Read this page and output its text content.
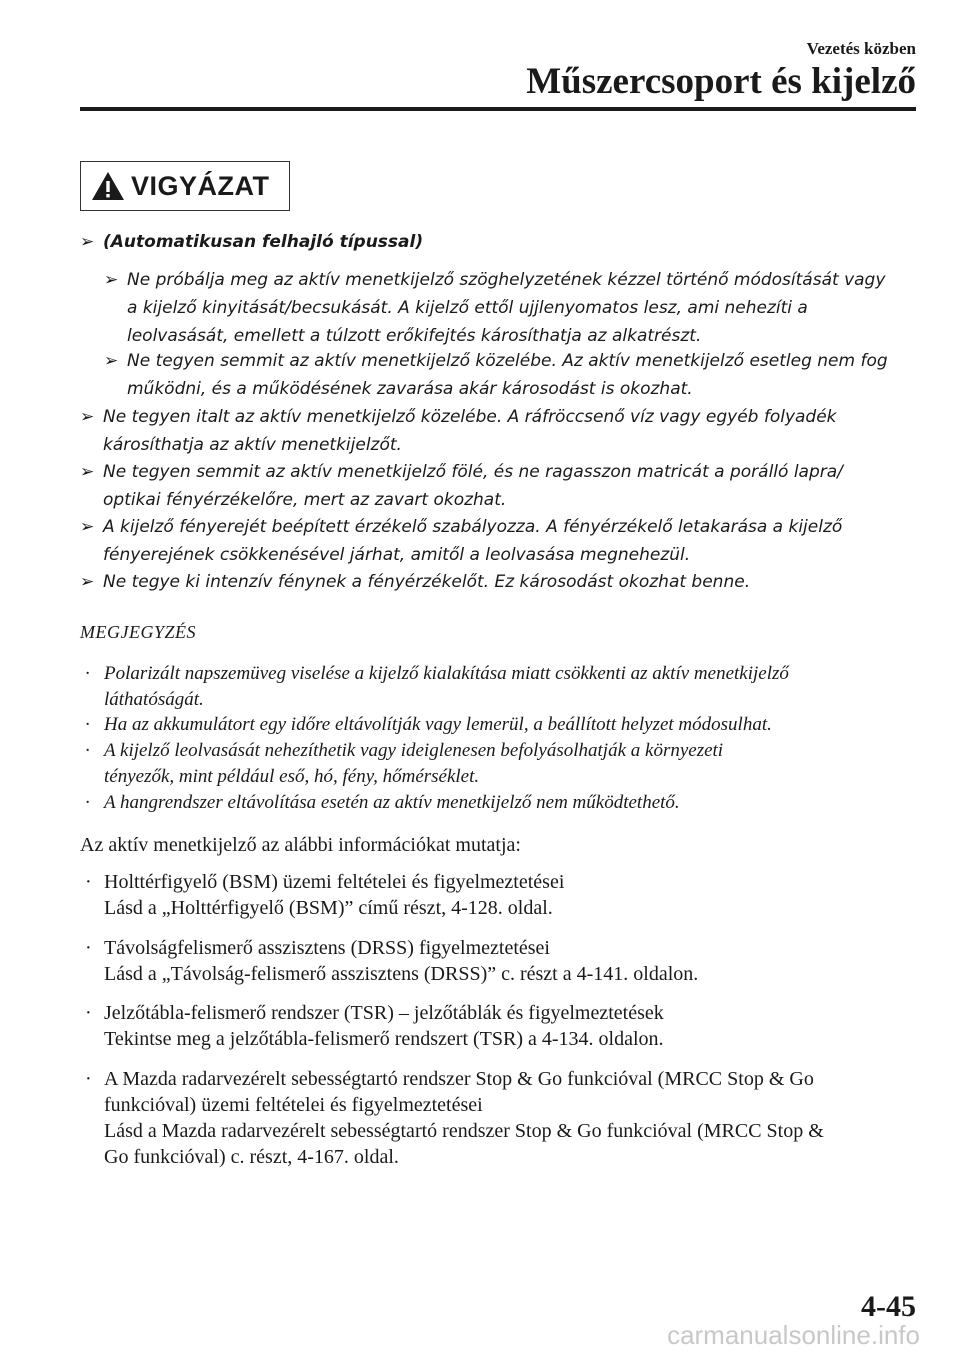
Vezetés közben
Műszercsoport és kijelző
VIGYÁZAT
➢ (Automatikusan felhajló típussal)
➢ Ne próbálja meg az aktív menetkijelző szöghelyzetének kézzel történő módosítását vagy
a kijelző kinyitását/becsukását. A kijelző ettől ujjlenyomatos lesz, ami nehezíti a
leolvasását, emellett a túlzott erőkifejtés károsíthatja az alkatrészt.
➢ Ne tegyen semmit az aktív menetkijelző közelébe. Az aktív menetkijelző esetleg nem fog
működni, és a működésének zavarása akár károsodást is okozhat.
➢ Ne tegyen italt az aktív menetkijelző közelébe. A ráfröccsenő víz vagy egyéb folyadék
károsíthatja az aktív menetkijelzőt.
➢ Ne tegyen semmit az aktív menetkijelző fölé, és ne ragasszon matricát a porálló lapra/
optikai fényérzékelőre, mert az zavart okozhat.
➢ A kijelző fényerejét beépített érzékelő szabályozza. A fényérzékelő letakarása a kijelző
fényerejének csökkenésével járhat, amitől a leolvasása megnehezül.
➢ Ne tegye ki intenzív fénynek a fényérzékelőt. Ez károsodást okozhat benne.
MEGJEGYZÉS
· Polarizált napszemüveg viselése a kijelző kialakítása miatt csökkenti az aktív menetkijelző
láthatóságát.
· Ha az akkumulátort egy időre eltávolítják vagy lemerül, a beállított helyzet módosulhat.
· A kijelző leolvasását nehezíthetik vagy ideiglenesen befolyásolhatják a környezeti
tényezők, mint például eső, hó, fény, hőmérséklet.
· A hangrendszer eltávolítása esetén az aktív menetkijelző nem működtethető.
Az aktív menetkijelző az alábbi információkat mutatja:
· Holttérfigyelő (BSM) üzemi feltételei és figyelmeztetései
Lásd a „Holttérfigyelő (BSM)” című részt, 4-128. oldal.
· Távolságfelismerő asszisztens (DRSS) figyelmeztetései
Lásd a „Távolság-felismerő asszisztens (DRSS)” c. részt a 4-141. oldalon.
· Jelzőtábla-felismerő rendszer (TSR) – jelzőtáblák és figyelmeztetések
Tekintse meg a jelzőtábla-felismerő rendszert (TSR) a 4-134. oldalon.
· A Mazda radarvezérelt sebességtartó rendszer Stop & Go funkcióval (MRCC Stop & Go
funkcióval) üzemi feltételei és figyelmeztetései
Lásd a Mazda radarvezérelt sebességtartó rendszer Stop & Go funkcióval (MRCC Stop &
Go funkcióval) c. részt, 4-167. oldal.
4-45
carmanualsonline.info
